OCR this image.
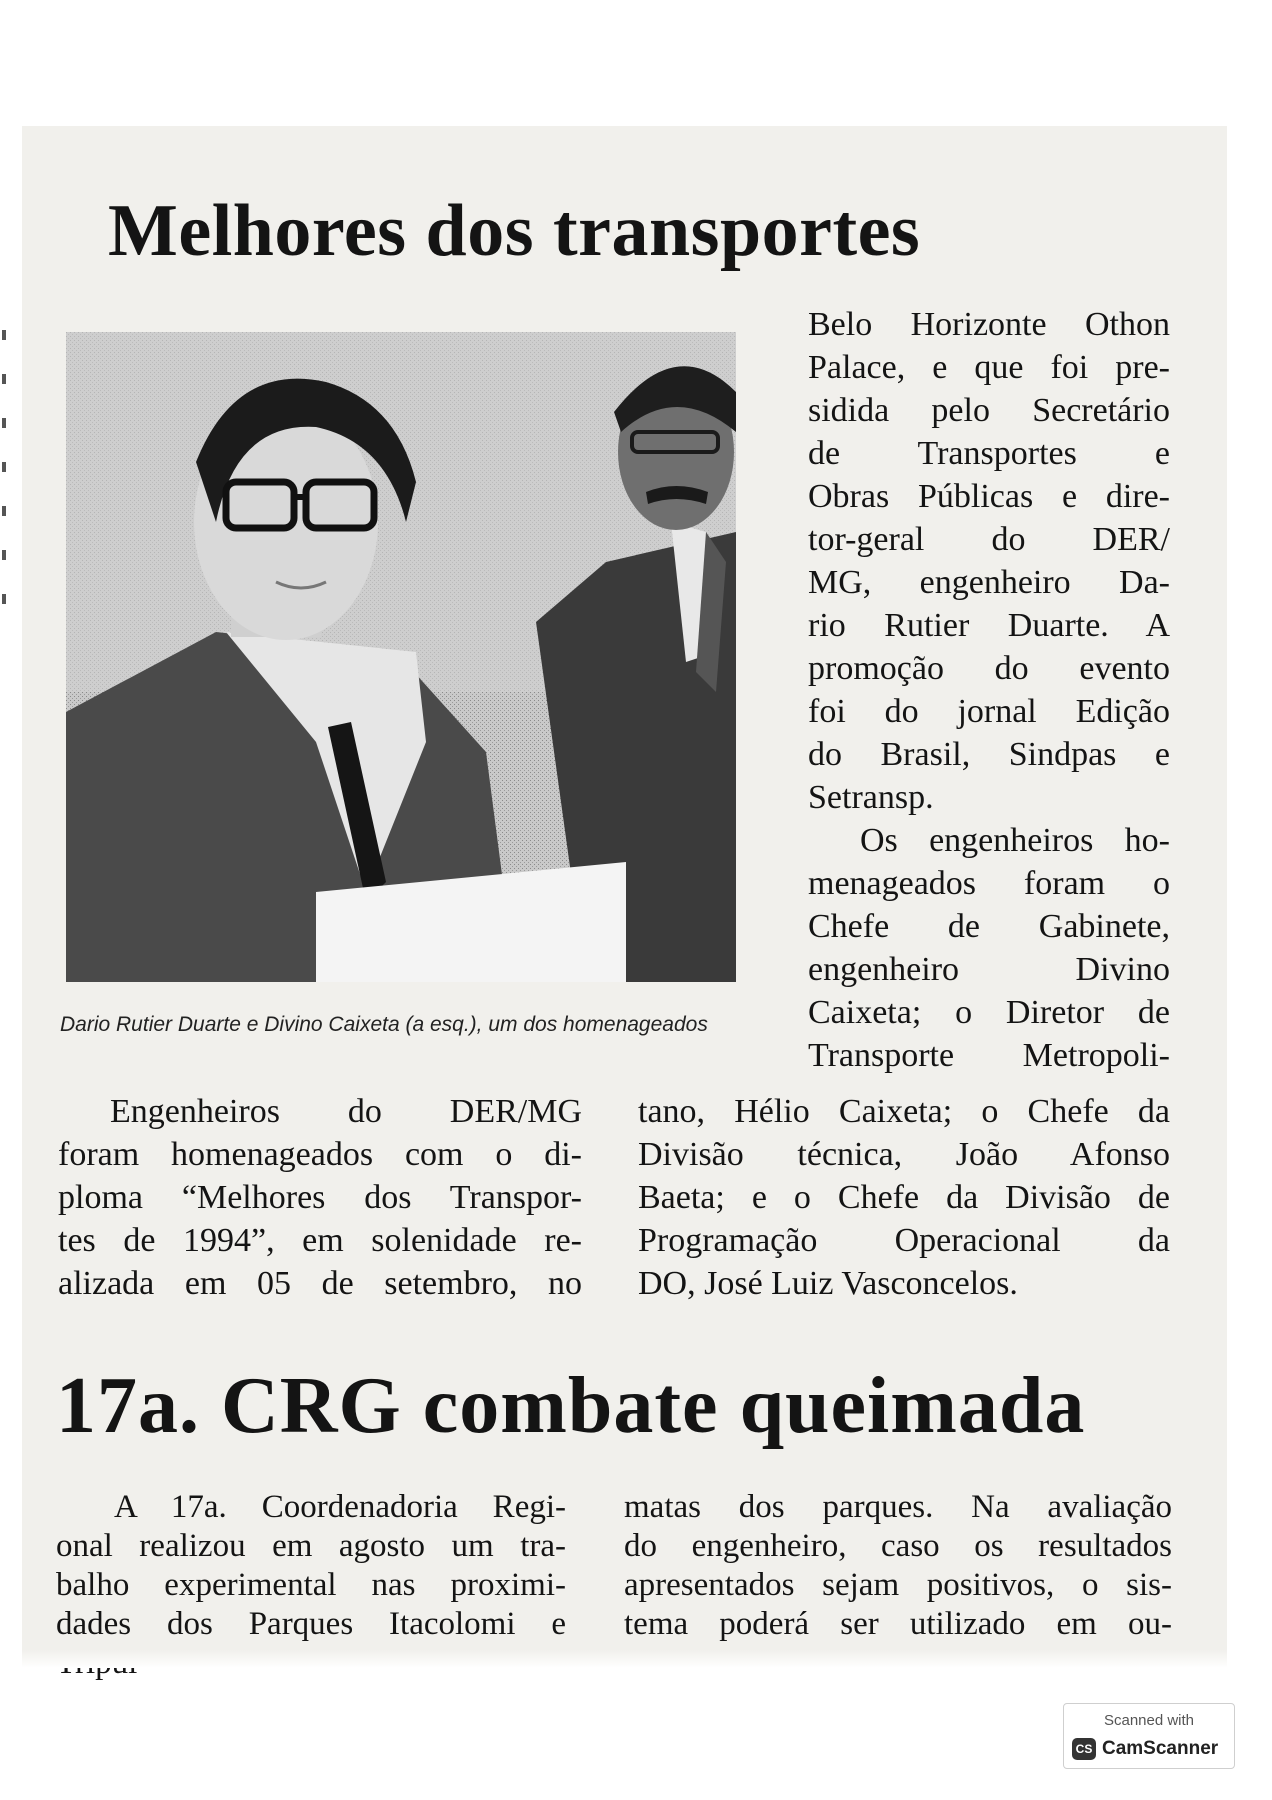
Melhores dos transportes
Dario Rutier Duarte e Divino Caixeta (a esq.), um dos homenageados
Belo Horizonte Othon
Palace, e que foi pre-
sidida pelo Secretário
de Transportes e
Obras Públicas e dire-
tor-geral do DER/
MG, engenheiro Da-
rio Rutier Duarte. A
promoção do evento
foi do jornal Edição
do Brasil, Sindpas e
Setransp.
Os engenheiros ho-
menageados foram o
Chefe de Gabinete,
engenheiro Divino
Caixeta; o Diretor de
Transporte Metropoli-
Engenheiros do DER/MG
foram homenageados com o di-
ploma “Melhores dos Transpor-
tes de 1994”, em solenidade re-
alizada em 05 de setembro, no
tano, Hélio Caixeta; o Chefe da
Divisão técnica, João Afonso
Baeta; e o Chefe da Divisão de
Programação Operacional da
DO, José Luiz Vasconcelos.
17a. CRG combate queimada
A 17a. Coordenadoria Regi-
onal realizou em agosto um tra-
balho experimental nas proximi-
dades dos Parques Itacolomi e
matas dos parques. Na avaliação
do engenheiro, caso os resultados
apresentados sejam positivos, o sis-
tema poderá ser utilizado em ou-
Scanned with
CS CamScanner
